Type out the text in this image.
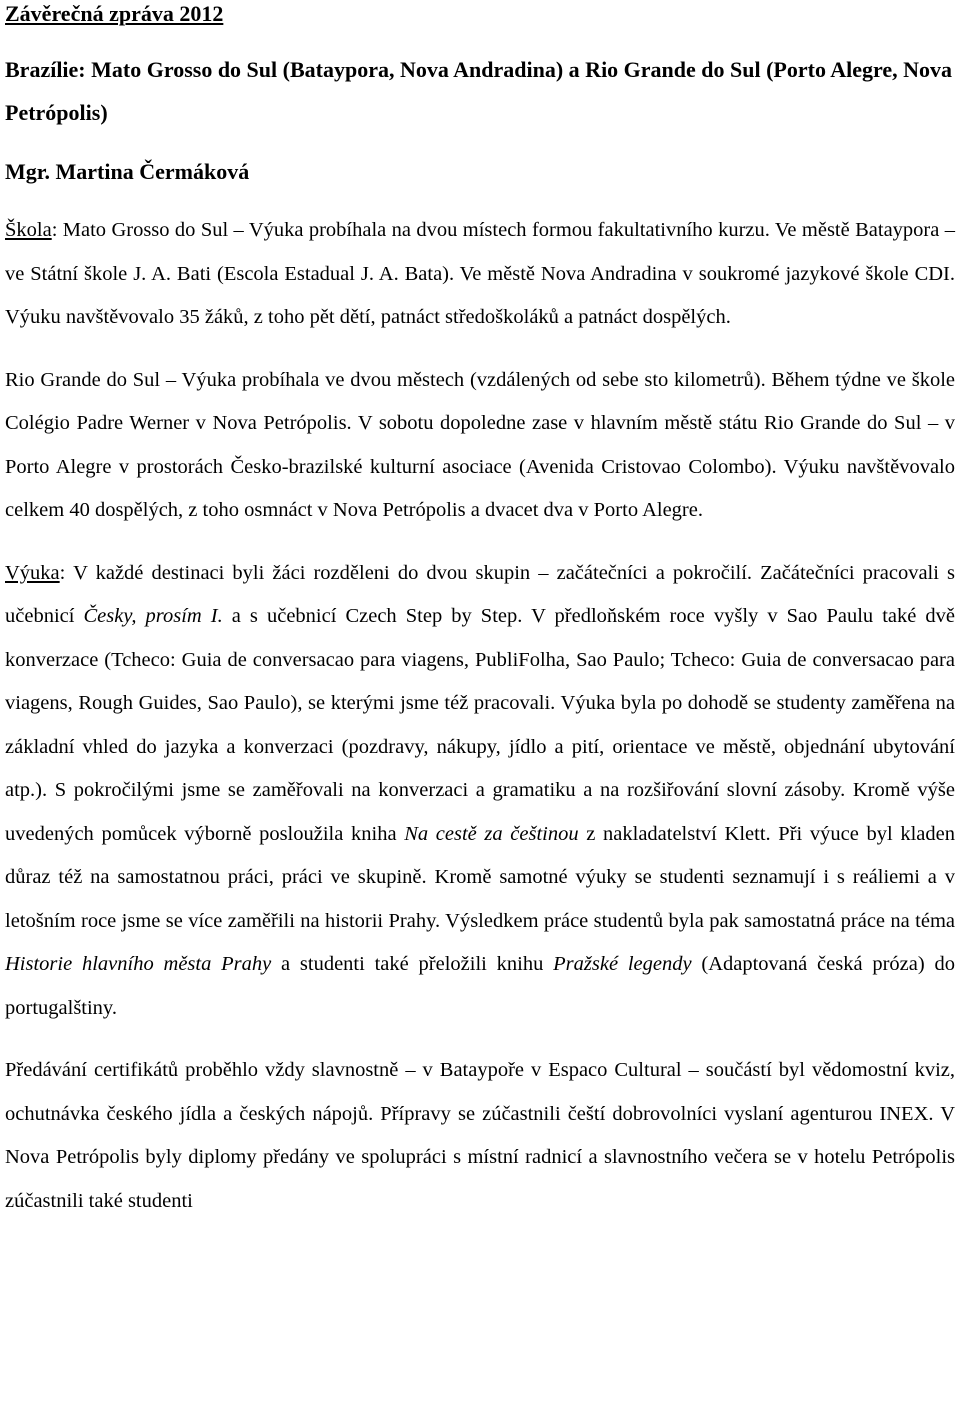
Závěrečná zpráva 2012
Brazílie: Mato Grosso do Sul (Bataypora, Nova Andradina) a Rio Grande do Sul (Porto Alegre, Nova Petrópolis)
Mgr. Martina Čermáková

Škola: Mato Grosso do Sul – Výuka probíhala na dvou místech formou fakultativního kurzu. Ve městě Bataypora – ve Státní škole J. A. Bati (Escola Estadual J. A. Bata). Ve městě Nova Andradina v soukromé jazykové škole CDI. Výuku navštěvovalo 35 žáků, z toho pět dětí, patnáct středoškoláků a patnáct dospělých.

Rio Grande do Sul – Výuka probíhala ve dvou městech (vzdálených od sebe sto kilometrů). Během týdne ve škole Colégio Padre Werner v Nova Petrópolis. V sobotu dopoledne zase v hlavním městě státu Rio Grande do Sul – v Porto Alegre v prostorách Česko-brazilské kulturní asociace (Avenida Cristovao Colombo). Výuku navštěvovalo celkem 40 dospělých, z toho osmnáct v Nova Petrópolis a dvacet dva v Porto Alegre.

Výuka: V každé destinaci byli žáci rozděleni do dvou skupin – začátečníci a pokročilí. Začátečníci pracovali s učebnicí Česky, prosím I. a s učebnicí Czech Step by Step. V předloňském roce vyšly v Sao Paulu také dvě konverzace (Tcheco: Guia de conversacao para viagens, PubliFolha, Sao Paulo; Tcheco: Guia de conversacao para viagens, Rough Guides, Sao Paulo), se kterými jsme též pracovali. Výuka byla po dohodě se studenty zaměřena na základní vhled do jazyka a konverzaci (pozdravy, nákupy, jídlo a pití, orientace ve městě, objednání ubytování atp.). S pokročilými jsme se zaměřovali na konverzaci a gramatiku a na rozšiřování slovní zásoby. Kromě výše uvedených pomůcek výborně posloužila kniha Na cestě za češtinou z nakladatelství Klett. Při výuce byl kladen důraz též na samostatnou práci, práci ve skupině. Kromě samotné výuky se studenti seznamují i s reáliemi a v letošním roce jsme se více zaměřili na historii Prahy. Výsledkem práce studentů byla pak samostatná práce na téma Historie hlavního města Prahy a studenti také přeložili knihu Pražské legendy (Adaptovaná česká próza) do portugalštiny.

Předávání certifikátů proběhlo vždy slavnostně – v Bataypoře v Espaco Cultural – součástí byl vědomostní kviz, ochutnávka českého jídla a českých nápojů. Přípravy se zúčastnili čeští dobrovolníci vyslaní agenturou INEX. V Nova Petrópolis byly diplomy předány ve spolupráci s místní radnicí a slavnostního večera se v hotelu Petrópolis zúčastnili také studenti
